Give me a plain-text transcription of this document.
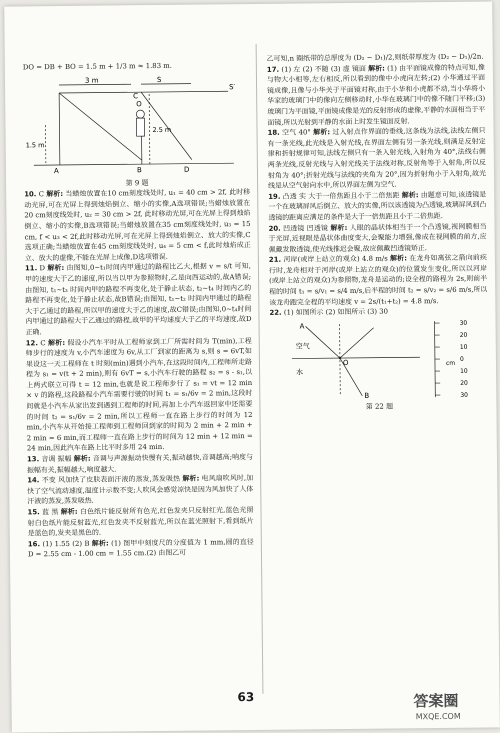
DO = DB + BO = 1.5 m + 1/3 m ≈ 1.83 m.

3 m	S
S′
C
O
B	D
A
1.5 m
2.5 m
第 9 题

10. C 解析: 当蜡烛放置在10 cm刻度线处时, u₁ = 40 cm > 2f, 此时移动光屏,可在光屏上得到烛焰倒立、缩小的实像,A选项错误;当蜡烛放置在20 cm刻度线处时, u₂ = 30 cm > 2f, 此时移动光屏,可在光屏上得到烛焰倒立、缩小的实像,B选项错误;当蜡烛放置在35 cm刻度线处时, u₃ = 15 cm, f < u₃ < 2f,此时移动光屏,可在光屏上得到烛焰倒立、放大的实像,C选项正确;当蜡烛放置在45 cm刻度线处时, u₄ = 5 cm < f,此时烛焰成正立、放大的虚像,不能在光屏上成像,D选项错误.

11. D 解析: 由图知,0~t₁时间内甲通过的路程比乙大,根据 v = s/t 可知,甲的速度大于乙的速度,所以当以甲为参照物时,乙是向西运动的,故A错误;由图知, t₁~t₃ 时间内甲的路程不再变化,处于静止状态, t₂~t₄ 时间内乙的路程不再变化,处于静止状态,故B错误;由图知, t₁~t₂ 时间内甲通过的路程大于乙通过的路程,所以甲的速度大于乙的速度,故C错误;由图知,0~t₄时间内甲通过的路程大于乙通过的路程,故甲的平均速度大于乙的平均速度,故D正确.

12. C 解析: 假设小汽车平时从工程师家到工厂所需时间为 T(min),工程师步行的速度为 v,小汽车速度为 6v,从工厂到家的距离为 s,则 s = 6vT,如果设这一天工程师在 t 时刻(min)遇到小汽车,在这段时间内,工程师所走路程为 s₁ = v(t + 2 min),则有 6vT = s,小汽车行驶的路程 s₂ = s - s₁,以上两式联立可得 t = 12 min,也就是说工程师步行了 s₁ = vt = 12 min × v 的路程,这段路程小汽车需要行驶的时间 t₁ = s₁/6v = 2 min,这段时间就是小汽车从家出发到遇到工程师的时间,再加上小汽车返回家中还需要的时间 t₂ = s₁/6v = 2 min,所以工程师一直在路上步行的时间为 12 min,小汽车从开始接工程师到工程师回到家的时间为 2 min + 2 min + 2 min = 6 min,而工程师一直在路上步行的时间为 12 min + 12 min = 24 min,因此汽车在路上比平时多用 24 min.

13. 音调 振幅 解析: 音调与声源振动快慢有关,振动越快,音调越高;响度与振幅有关,振幅越大,响度越大.

14. 不变 风加快了皮肤表面汗液的蒸发,蒸发吸热 解析: 电风扇吹风时,加快了空气流动速度,温度计示数不变;人吹风会感觉凉快是因为风加快了人体汗液的蒸发,蒸发吸热.

15. 蓝 黑 解析: 白色纸片能反射所有色光,红色发夹只反射红光,蓝色光照射白色纸片能反射蓝光,红色发夹不反射蓝光,所以在蓝光照射下,看到纸片是蓝色的,发夹是黑色的.

16. (1) 1.55 (2) B 解析: (1) 图甲中刻度尺的分度值为 1 mm,圆的直径 D = 2.55 cm - 1.00 cm = 1.55 cm.(2) 由图乙可

乙可知,n 圈纸带的总厚度为 (D₂ − D₁)/2,则纸带厚度为 (D₂ − D₁)/2n.

17. (1) 左 (2) 不随 (3) 虚 镜面 解析: (1) 由平面镜成像的特点可知,像与物大小相等,左右相反,所以看到的像中小虎向左转;(2) 小华通过平面镜成像,且像与小华关于平面镜对称,由于小华和小虎都不动,当小华将小华家的玻璃门中的像向左侧移动时,小华在玻璃门中的像不随门平移;(3) 玻璃门为平面镜,平面镜成像是光的反射形成的虚像,平静的水面相当于平面镜,所以光射到平静的水面上时发生镜面反射.

18. 空气 40° 解析: 过入射点作界面的垂线,这条线为法线,法线左侧只有一条光线,此光线是入射光线,在界面左侧有另一条光线,则满足反射定律和折射规律可知,法线左侧只有一条入射光线,入射角为 40°,法线右侧两条光线,反射光线与入射光线关于法线对称,反射角等于入射角,所以反射角为 40°;折射光线与法线的夹角为 20°,因为折射角小于入射角,故光线是从空气射向水中,所以界面左侧为空气.

19. 凸透 实 大于一倍焦距且小于二倍焦距 解析: 由题意可知,该透镜是一个在玻璃屏风后倒立、放大的实像,所以该透镜为凸透镜,玻璃屏风到凸透镜的距离应满足的条件是大于一倍焦距且小于二倍焦距.

20. 凹透镜 凹透镜 解析: 人眼的晶状体相当于一个凸透镜,视网膜相当于光屏,近视眼是晶状体曲度变大,会聚能力增强,像成在视网膜的前方,应佩戴发散透镜,使光线推迟会聚,故应佩戴凹透镜矫正.

21. 河岸(或岸上站立的观众) 4.8 m/s 解析: 在龙舟如离弦之箭向前疾行时,龙舟相对于河岸(或岸上站立的观众)的位置发生变化,所以以河岸(或岸上站立的观众)为参照物,龙舟是运动的;设全程的路程为 2s,则前半程的时间 t₁ = s/v₁ = s/4 m/s,后半程的时间 t₂ = s/v₂ = s/6 m/s,所以该龙舟跑完全程的平均速度 v = 2s/(t₁+t₂) = 4.8 m/s.

22. (1) 如图所示 (2) 如图所示 (3) 30

空气
水
A
B
O	cm
30
20
10
0
10
20
30
第 22 题
63	答案圈
MXQE.COM
